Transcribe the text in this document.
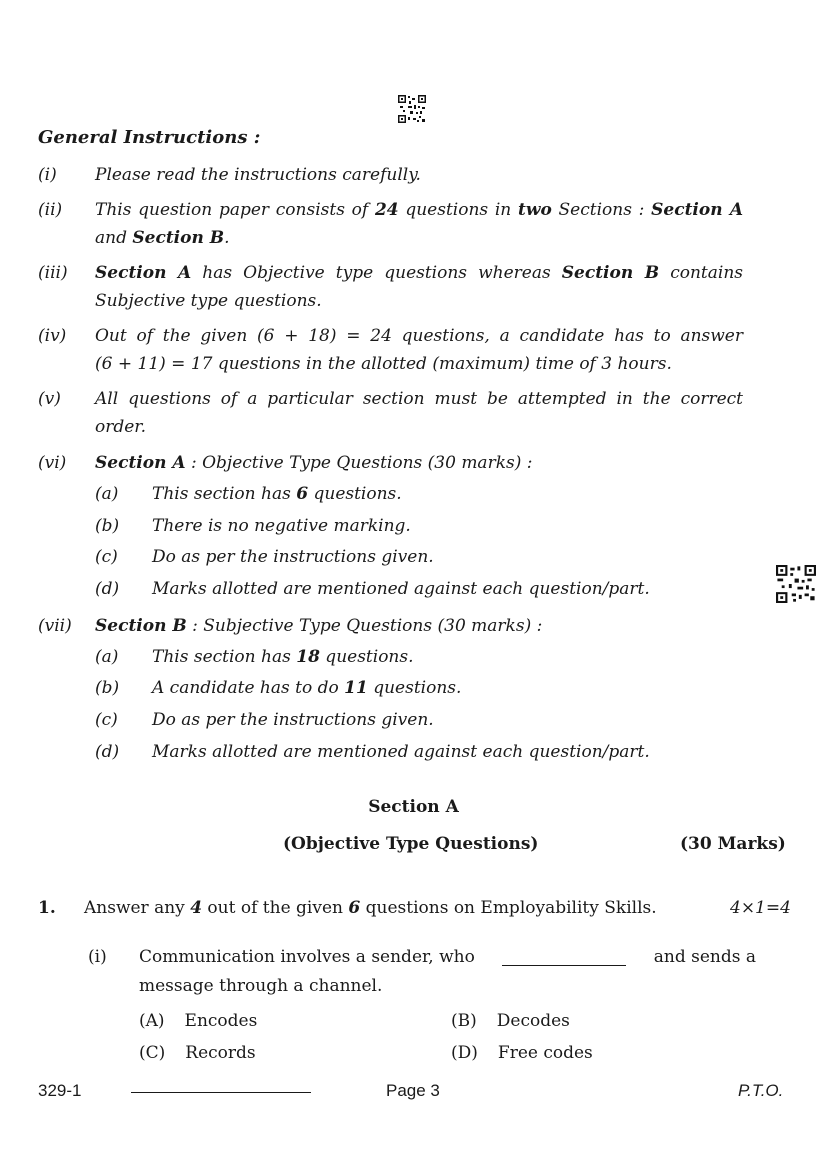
General Instructions :
(i) Please read the instructions carefully.
(ii) This question paper consists of 24 questions in two Sections : Section A
and Section B.
(iii) Section A has Objective type questions whereas Section B contains
Subjective type questions.
(iv) Out of the given (6 + 18) = 24 questions, a candidate has to answer
(6 + 11) = 17 questions in the allotted (maximum) time of 3 hours.
(v) All questions of a particular section must be attempted in the correct
order.
(vi) Section A : Objective Type Questions (30 marks) :
(a) This section has 6 questions.
(b) There is no negative marking.
(c) Do as per the instructions given.
(d) Marks allotted are mentioned against each question/part.
(vii) Section B : Subjective Type Questions (30 marks) :
(a) This section has 18 questions.
(b) A candidate has to do 11 questions.
(c) Do as per the instructions given.
(d) Marks allotted are mentioned against each question/part.
Section A
(Objective Type Questions)	(30 Marks)
1. Answer any 4 out of the given 6 questions on Employability Skills.	4×1=4
(i) Communication involves a sender, who	and sends a
message through a channel.
(A) Encodes	(B) Decodes
(C) Records	(D) Free codes
329-1	Page 3	P.T.O.
